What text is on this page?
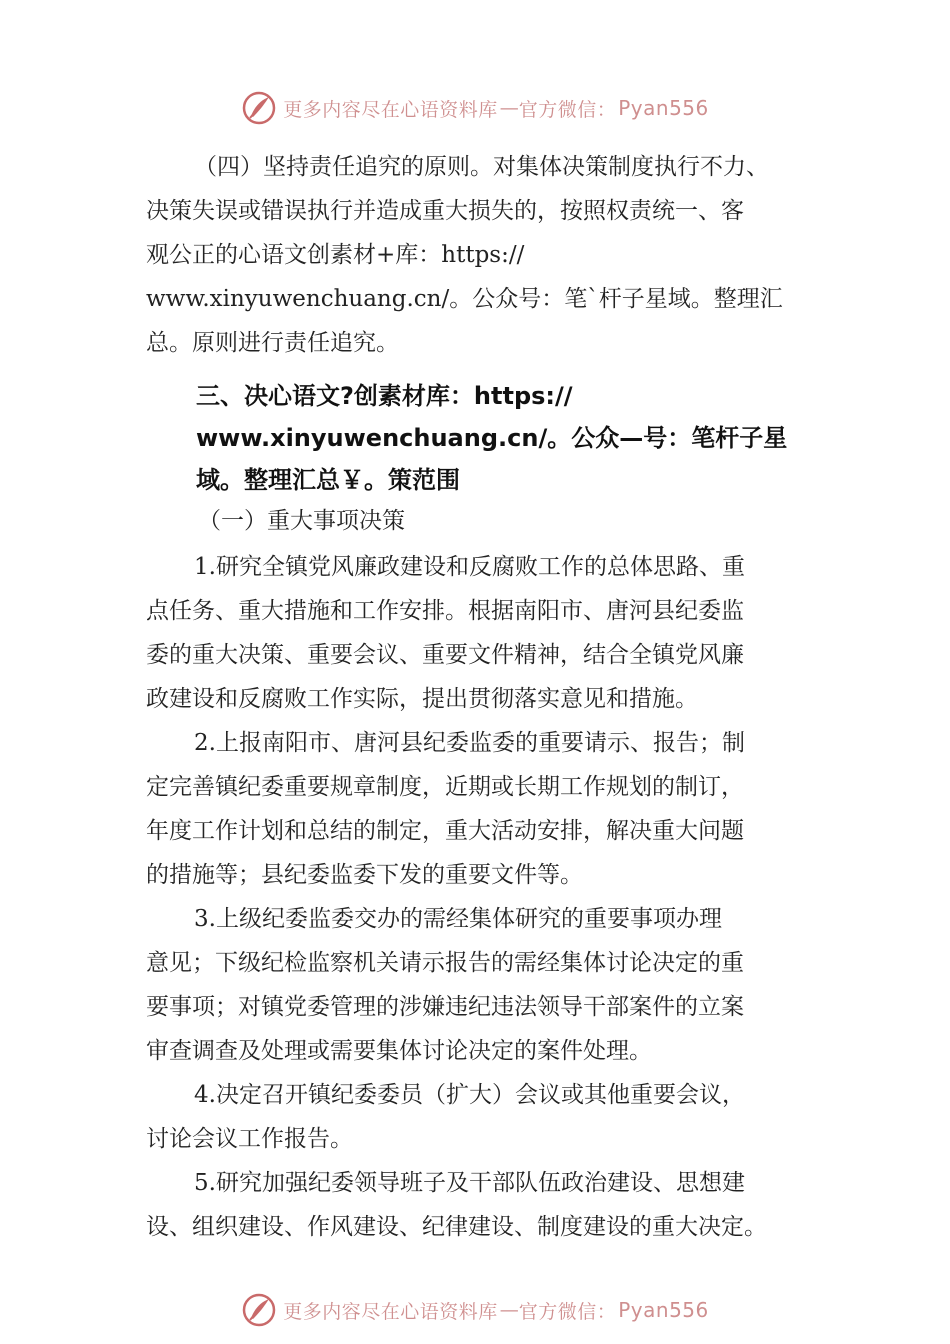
更多内容尽在心语资料库 — 官方微信： Pyan556
（四）坚持责任追究的原则。对集体决策制度执行不力、
决策失误或错误执行并造成重大损失的，按照权责统一、客
观公正的心语文创素材+库：https://
www.xinyuwenchuang.cn/。公众号：笔`杆子星域。整理汇
总。原则进行责任追究。
三、决心语文?创素材库：https://
www.xinyuwenchuang.cn/。公众—号：笔杆子星
域。整理汇总￥。策范围
（一）重大事项决策
1.研究全镇党风廉政建设和反腐败工作的总体思路、重
点任务、重大措施和工作安排。根据南阳市、唐河县纪委监
委的重大决策、重要会议、重要文件精神，结合全镇党风廉
政建设和反腐败工作实际，提出贯彻落实意见和措施。
2.上报南阳市、唐河县纪委监委的重要请示、报告；制
定完善镇纪委重要规章制度，近期或长期工作规划的制订，
年度工作计划和总结的制定，重大活动安排，解决重大问题
的措施等；县纪委监委下发的重要文件等。
3.上级纪委监委交办的需经集体研究的重要事项办理
意见；下级纪检监察机关请示报告的需经集体讨论决定的重
要事项；对镇党委管理的涉嫌违纪违法领导干部案件的立案
审查调查及处理或需要集体讨论决定的案件处理。
4.决定召开镇纪委委员（扩大）会议或其他重要会议，
讨论会议工作报告。
5.研究加强纪委领导班子及干部队伍政治建设、思想建
设、组织建设、作风建设、纪律建设、制度建设的重大决定。
更多内容尽在心语资料库 — 官方微信： Pyan556
